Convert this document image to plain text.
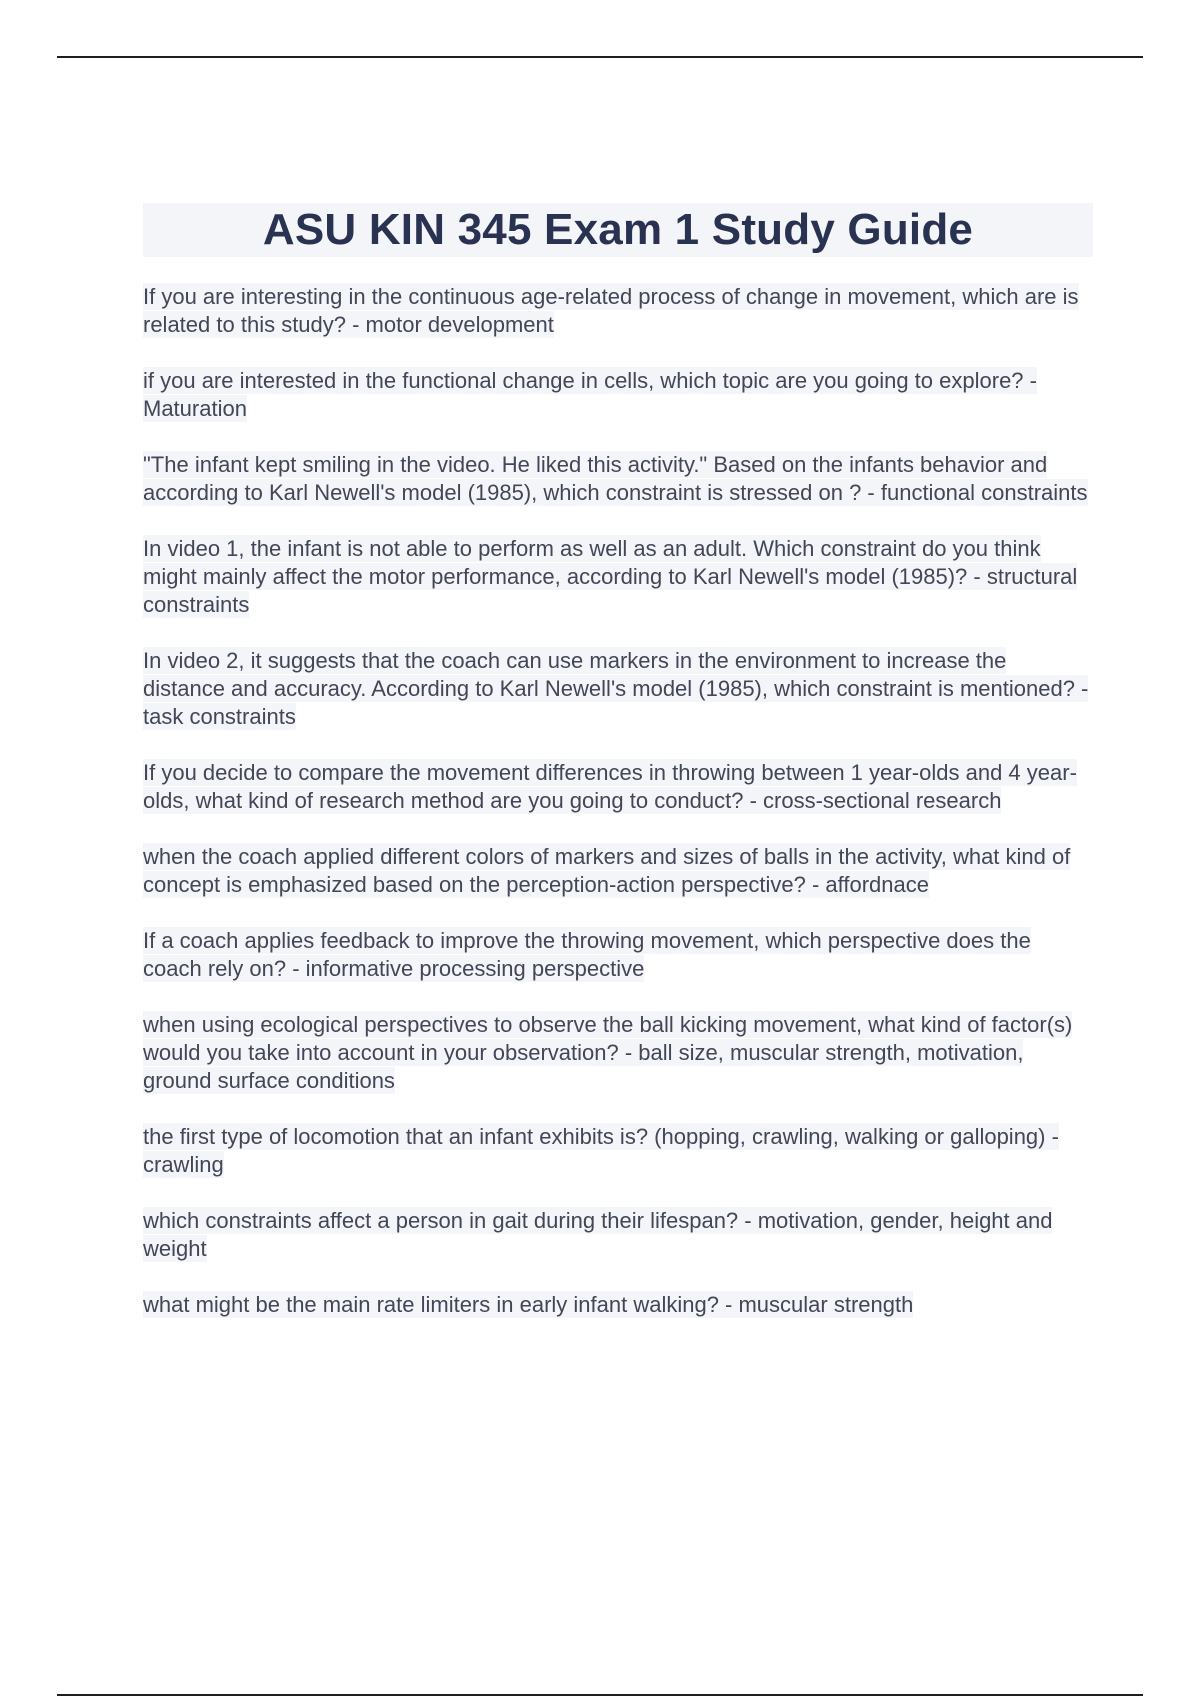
ASU KIN 345 Exam 1 Study Guide

If you are interesting in the continuous age-related process of change in movement, which are is related to this study? - motor development

if you are interested in the functional change in cells, which topic are you going to explore? - Maturation

"The infant kept smiling in the video. He liked this activity." Based on the infants behavior and according to Karl Newell's model (1985), which constraint is stressed on ? - functional constraints

In video 1, the infant is not able to perform as well as an adult. Which constraint do you think might mainly affect the motor performance, according to Karl Newell's model (1985)? - structural constraints

In video 2, it suggests that the coach can use markers in the environment to increase the distance and accuracy. According to Karl Newell's model (1985), which constraint is mentioned? - task constraints

If you decide to compare the movement differences in throwing between 1 year-olds and 4 year-olds, what kind of research method are you going to conduct? - cross-sectional research

when the coach applied different colors of markers and sizes of balls in the activity, what kind of concept is emphasized based on the perception-action perspective? - affordnace

If a coach applies feedback to improve the throwing movement, which perspective does the coach rely on? - informative processing perspective

when using ecological perspectives to observe the ball kicking movement, what kind of factor(s) would you take into account in your observation? - ball size, muscular strength, motivation, ground surface conditions

the first type of locomotion that an infant exhibits is? (hopping, crawling, walking or galloping) - crawling

which constraints affect a person in gait during their lifespan? - motivation, gender, height and weight

what might be the main rate limiters in early infant walking? - muscular strength
